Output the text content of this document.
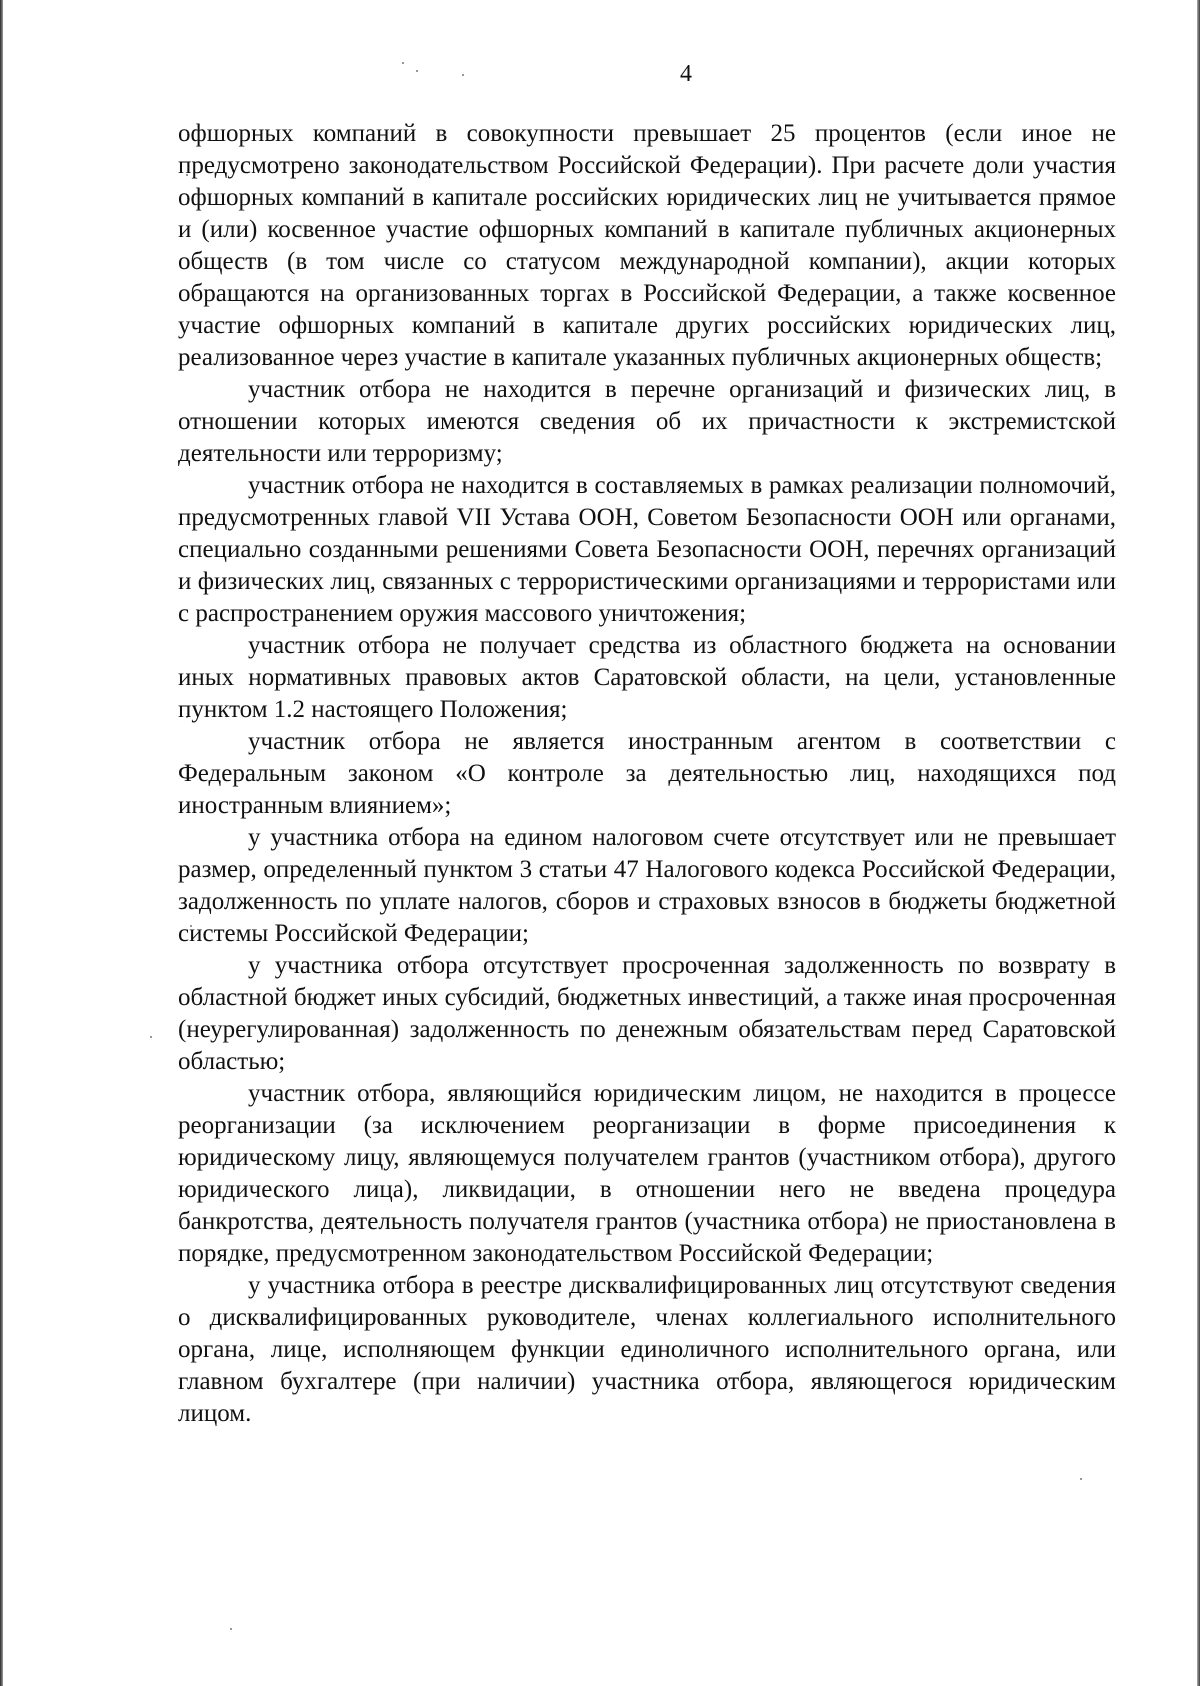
4

офшорных компаний в совокупности превышает 25 процентов (если иное не предусмотрено законодательством Российской Федерации). При расчете доли участия офшорных компаний в капитале российских юридических лиц не учитывается прямое и (или) косвенное участие офшорных компаний в капитале публичных акционерных обществ (в том числе со статусом международной компании), акции которых обращаются на организованных торгах в Российской Федерации, а также косвенное участие офшорных компаний в капитале других российских юридических лиц, реализованное через участие в капитале указанных публичных акционерных обществ;

участник отбора не находится в перечне организаций и физических лиц, в отношении которых имеются сведения об их причастности к экстремистской деятельности или терроризму;

участник отбора не находится в составляемых в рамках реализации полномочий, предусмотренных главой VII Устава ООН, Советом Безопасности ООН или органами, специально созданными решениями Совета Безопасности ООН, перечнях организаций и физических лиц, связанных с террористическими организациями и террористами или с распространением оружия массового уничтожения;

участник отбора не получает средства из областного бюджета на основании иных нормативных правовых актов Саратовской области, на цели, установленные пунктом 1.2 настоящего Положения;

участник отбора не является иностранным агентом в соответствии с Федеральным законом «О контроле за деятельностью лиц, находящихся под иностранным влиянием»;

у участника отбора на едином налоговом счете отсутствует или не превышает размер, определенный пунктом 3 статьи 47 Налогового кодекса Российской Федерации, задолженность по уплате налогов, сборов и страховых взносов в бюджеты бюджетной системы Российской Федерации;

у участника отбора отсутствует просроченная задолженность по возврату в областной бюджет иных субсидий, бюджетных инвестиций, а также иная просроченная (неурегулированная) задолженность по денежным обязательствам перед Саратовской областью;

участник отбора, являющийся юридическим лицом, не находится в процессе реорганизации (за исключением реорганизации в форме присоединения к юридическому лицу, являющемуся получателем грантов (участником отбора), другого юридического лица), ликвидации, в отношении него не введена процедура банкротства, деятельность получателя грантов (участника отбора) не приостановлена в порядке, предусмотренном законодательством Российской Федерации;

у участника отбора в реестре дисквалифицированных лиц отсутствуют сведения о дисквалифицированных руководителе, членах коллегиального исполнительного органа, лице, исполняющем функции единоличного исполнительного органа, или главном бухгалтере (при наличии) участника отбора, являющегося юридическим лицом.
